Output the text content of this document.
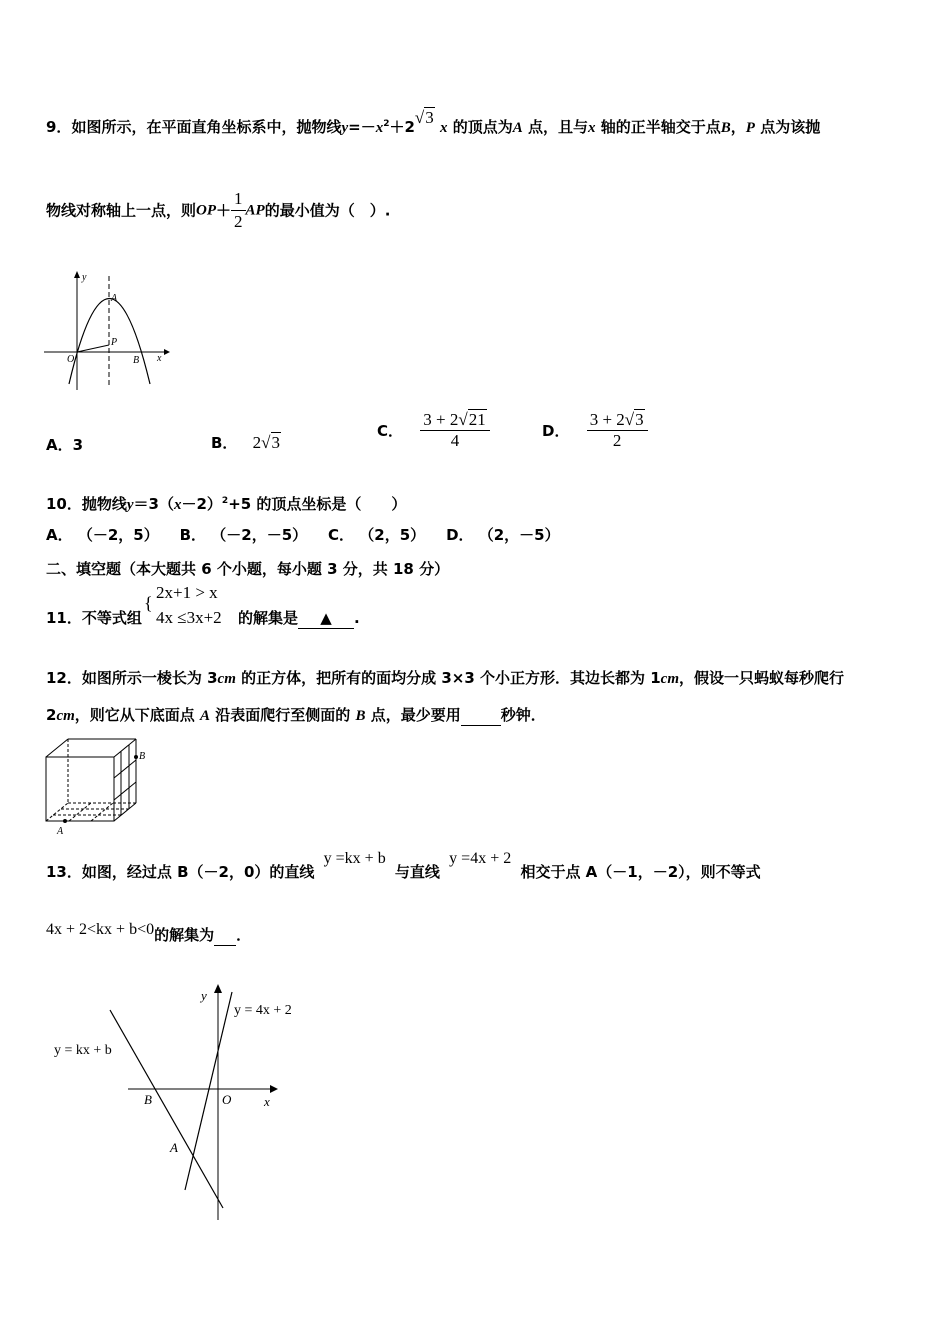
9．如图所示，在平面直角坐标系中，抛物线$y=-x^2+2√3$ x 的顶点为A 点，且与x 轴的正半轴交于点B，P 点为该抛
物线对称轴上一点，则$OP+ \frac{1}{2}$ AP的最小值为（　）.
y
A
P
O	B x
A．3	B． 2√3
C． $\frac{3 + 2√21}{4}$	D． $\frac{3 + 2√3}{2}$
10．抛物线$y=3(x-2)^2+5$ 的顶点坐标是（　　）
A． （－2，5） B． （－2，－5） C． （2，5） D． （2，－5）
二、填空题（本大题共 6 个小题，每小题 3 分，共 18 分）
11．不等式组
{
2x+1 > x
4x ≤3x+2 的解集是 ▲ .
12．如图所示一棱长为 3cm 的正方体，把所有的面均分成 3×3 个小正方形．其边长都为 1cm，假设一只蚂蚁每秒爬行
2cm，则它从下底面点 A 沿表面爬行至侧面的 B 点，最少要用	秒钟．
A
B
13．如图，经过点 B（－2，0）的直线 y =kx + b 与直线 y =4x + 2 相交于点 A（－1，－2），则不等式
4x + 2<kx + b<0的解集为 ．
y
y = 4x + 2
y = kx + b
B	O	x
A
